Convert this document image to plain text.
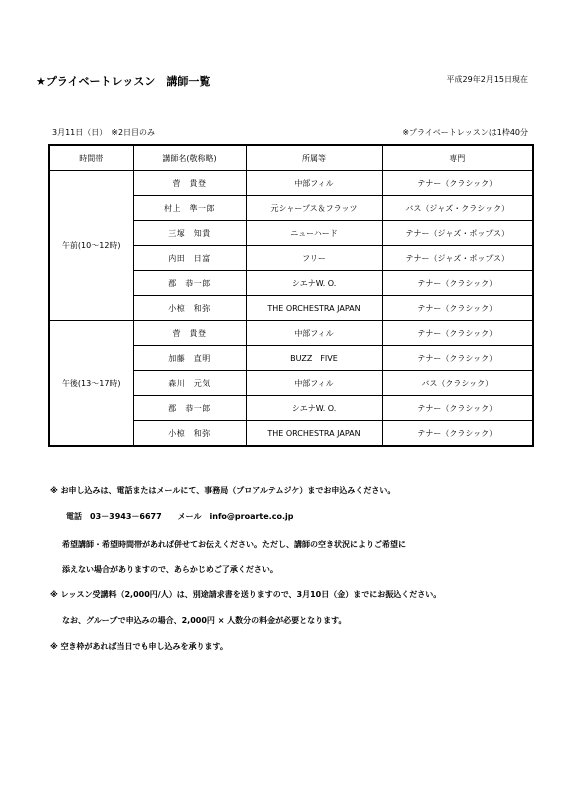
★プライベートレッスン　講師一覧	平成29年2月15日現在
3月11日（日）　※2日目のみ	※プライベートレッスンは1枠40分
時間帯	講師名(敬称略)	所属等	専門
午前(10～12時)	菅　貴登	中部フィル	テナー（クラシック）
	村上　準一郎	元シャープス＆フラッツ	バス（ジャズ・クラシック）
	三塚　知貴	ニューハード	テナー（ジャズ・ポップス）
	内田　日富	フリー	テナー（ジャズ・ポップス）
	郡　恭一郎	シエナW. O.	テナー（クラシック）
	小椋　和弥	THE ORCHESTRA JAPAN	テナー（クラシック）
午後(13～17時)	菅　貴登	中部フィル	テナー（クラシック）
	加藤　直明	BUZZ　FIVE	テナー（クラシック）
	森川　元気	中部フィル	バス（クラシック）
	郡　恭一郎	シエナW. O.	テナー（クラシック）
	小椋　和弥	THE ORCHESTRA JAPAN	テナー（クラシック）
※ お申し込みは、電話またはメールにて、事務局（プロアルテムジケ）までお申込みください。
電話　03－3943－6677　　メール　info@proarte.co.jp
希望講師・希望時間帯があれば併せてお伝えください。ただし、講師の空き状況によりご希望に
添えない場合がありますので、あらかじめご了承ください。
※ レッスン受講料（2,000円/人）は、別途請求書を送りますので、3月10日（金）までにお振込ください。
なお、グループで申込みの場合、2,000円 × 人数分の料金が必要となります。
※ 空き枠があれば当日でも申し込みを承ります。
